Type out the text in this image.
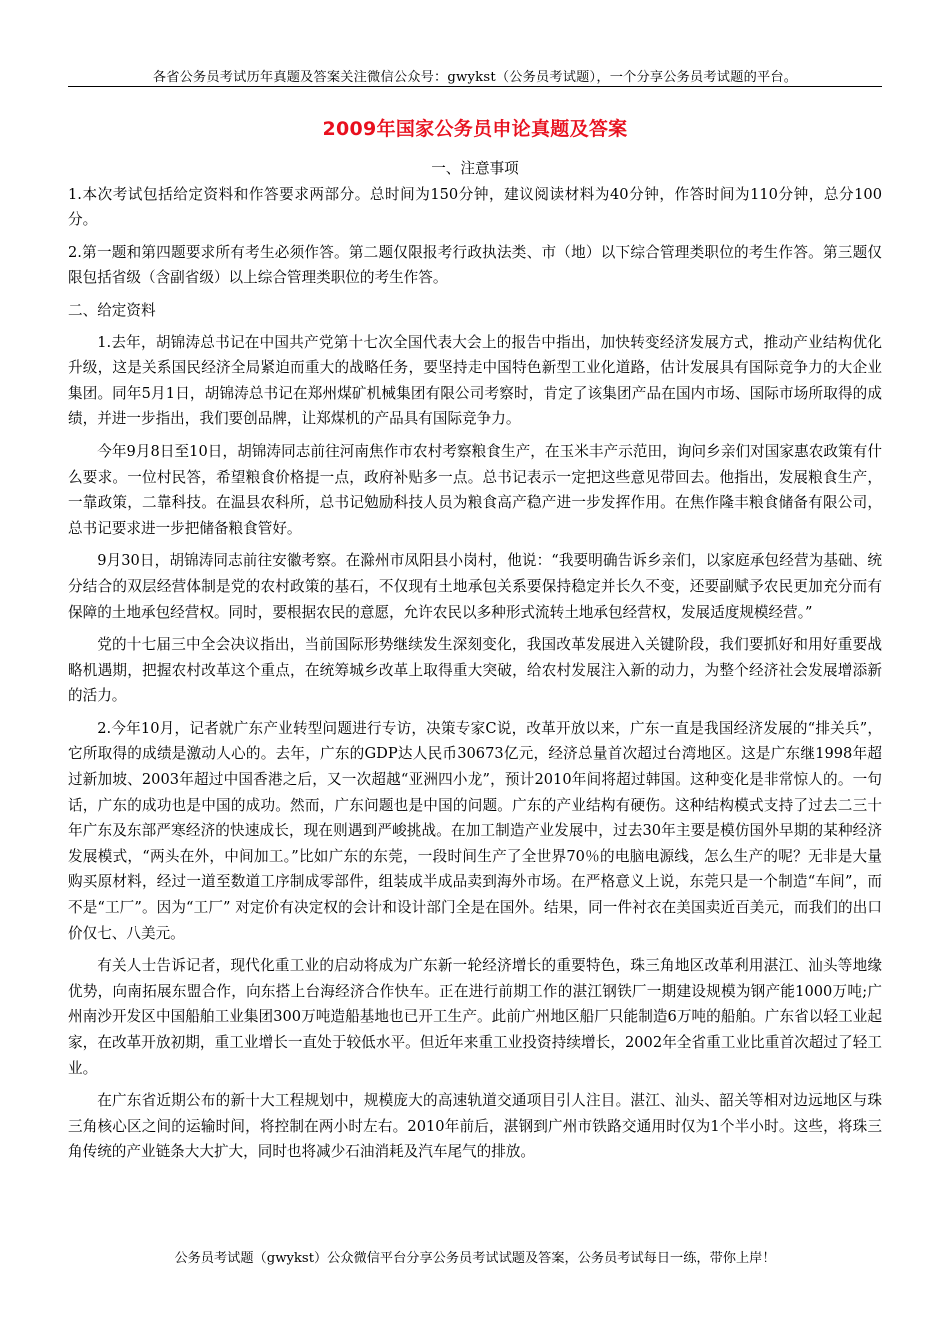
各省公务员考试历年真题及答案关注微信公众号：gwykst（公务员考试题），一个分享公务员考试题的平台。
2009年国家公务员申论真题及答案

一、注意事项

1.本次考试包括给定资料和作答要求两部分。总时间为150分钟，建议阅读材料为40分钟，作答时间为110分钟，总分100分。

2.第一题和第四题要求所有考生必须作答。第二题仅限报考行政执法类、市（地）以下综合管理类职位的考生作答。第三题仅限包括省级（含副省级）以上综合管理类职位的考生作答。

二、给定资料

1.去年，胡锦涛总书记在中国共产党第十七次全国代表大会上的报告中指出，加快转变经济发展方式，推动产业结构优化升级，这是关系国民经济全局紧迫而重大的战略任务，要坚持走中国特色新型工业化道路，估计发展具有国际竞争力的大企业集团。同年5月1日，胡锦涛总书记在郑州煤矿机械集团有限公司考察时，肯定了该集团产品在国内市场、国际市场所取得的成绩，并进一步指出，我们要创品牌，让郑煤机的产品具有国际竞争力。

今年9月8日至10日，胡锦涛同志前往河南焦作市农村考察粮食生产，在玉米丰产示范田，询问乡亲们对国家惠农政策有什么要求。一位村民答，希望粮食价格提一点，政府补贴多一点。总书记表示一定把这些意见带回去。他指出，发展粮食生产，一靠政策，二靠科技。在温县农科所，总书记勉励科技人员为粮食高产稳产进一步发挥作用。在焦作隆丰粮食储备有限公司，总书记要求进一步把储备粮食管好。

9月30日，胡锦涛同志前往安徽考察。在滁州市凤阳县小岗村，他说：“我要明确告诉乡亲们，以家庭承包经营为基础、统分结合的双层经营体制是党的农村政策的基石，不仅现有土地承包关系要保持稳定并长久不变，还要副赋予农民更加充分而有保障的土地承包经营权。同时，要根据农民的意愿，允许农民以多种形式流转土地承包经营权，发展适度规模经营。”

党的十七届三中全会决议指出，当前国际形势继续发生深刻变化，我国改革发展进入关键阶段，我们要抓好和用好重要战略机遇期，把握农村改革这个重点，在统筹城乡改革上取得重大突破，给农村发展注入新的动力，为整个经济社会发展增添新的活力。

2.今年10月，记者就广东产业转型问题进行专访，决策专家C说，改革开放以来，广东一直是我国经济发展的“排关兵”，它所取得的成绩是激动人心的。去年，广东的GDP达人民币30673亿元，经济总量首次超过台湾地区。这是广东继1998年超过新加坡、2003年超过中国香港之后，又一次超越“亚洲四小龙”，预计2010年间将超过韩国。这种变化是非常惊人的。一句话，广东的成功也是中国的成功。然而，广东问题也是中国的问题。广东的产业结构有硬伤。这种结构模式支持了过去二三十年广东及东部严寒经济的快速成长，现在则遇到严峻挑战。在加工制造产业发展中，过去30年主要是模仿国外早期的某种经济发展模式，“两头在外，中间加工。”比如广东的东莞，一段时间生产了全世界70％的电脑电源线，怎么生产的呢？无非是大量购买原材料，经过一道至数道工序制成零部件，组装成半成品卖到海外市场。在严格意义上说，东莞只是一个制造“车间”，而不是“工厂”。因为“工厂” 对定价有决定权的会计和设计部门全是在国外。结果，同一件衬衣在美国卖近百美元，而我们的出口价仅七、八美元。

有关人士告诉记者，现代化重工业的启动将成为广东新一轮经济增长的重要特色，珠三角地区改革利用湛江、汕头等地缘优势，向南拓展东盟合作，向东搭上台海经济合作快车。正在进行前期工作的湛江钢铁厂一期建设规模为钢产能1000万吨;广州南沙开发区中国船舶工业集团300万吨造船基地也已开工生产。此前广州地区船厂只能制造6万吨的船舶。广东省以轻工业起家，在改革开放初期，重工业增长一直处于较低水平。但近年来重工业投资持续增长，2002年全省重工业比重首次超过了轻工业。

在广东省近期公布的新十大工程规划中，规模庞大的高速轨道交通项目引人注目。湛江、汕头、韶关等相对边远地区与珠三角核心区之间的运输时间，将控制在两小时左右。2010年前后，湛钢到广州市铁路交通用时仅为1个半小时。这些，将珠三角传统的产业链条大大扩大，同时也将减少石油消耗及汽车尾气的排放。

公务员考试题（gwykst）公众微信平台分享公务员考试试题及答案，公务员考试每日一练，带你上岸！
